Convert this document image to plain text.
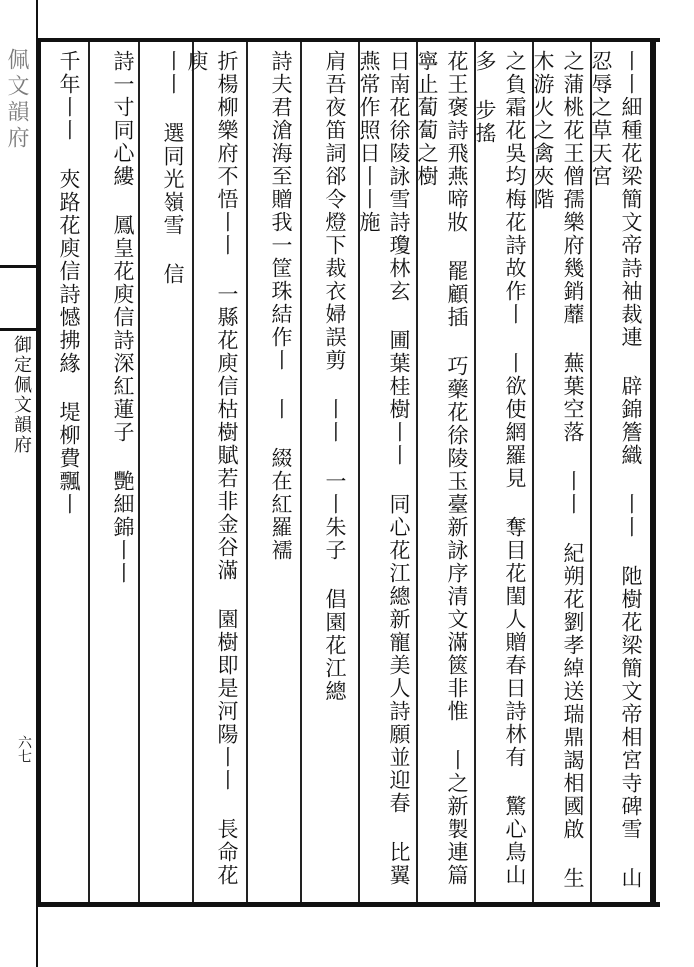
佩文韻府
御定佩文韻府
六七	丨丨細種花梁簡文帝詩袖裁連 辟錦簷織 丨丨 阤樹花梁簡文帝相宮寺碑雪 山忍辱之草天宮
之蒲桃花王僧孺樂府幾銷蘼 蕪葉空落 丨丨 紀朔花劉孝綽送瑞鼎謁相國啟 生木游火之禽夾階
之負霜花吳均梅花詩故作丨 丨欲使網羅見 奪目花閨人贈春日詩林有 驚心鳥山多 步搖
花王褒詩飛燕啼妝 罷顧插 巧藥花徐陵玉臺新詠序清文滿篋非惟 丨之新製連篇寧止蔔蔔之樹
日南花徐陵詠雪詩瓊林玄 圃葉桂樹丨丨 同心花江總新寵美人詩願並迎春 比翼燕常作照日丨丨施
肩吾夜笛詞郤令燈下裁衣婦誤剪 丨丨 一丨朱子 倡園花江總
詩夫君滄海至贈我一筐珠結作丨 丨 綴在紅羅襦
折楊柳樂府不悟丨丨 一縣花庾信枯樹賦若非金谷滿 園樹即是河陽丨丨 長命花庾
丨丨 選同光嶺雪 信
詩一寸同心縷 鳳皇花庾信詩深紅蓮子 艷細錦丨丨
千年丨丨 夾路花庾信詩憾拂緣 堤柳費飄丨
